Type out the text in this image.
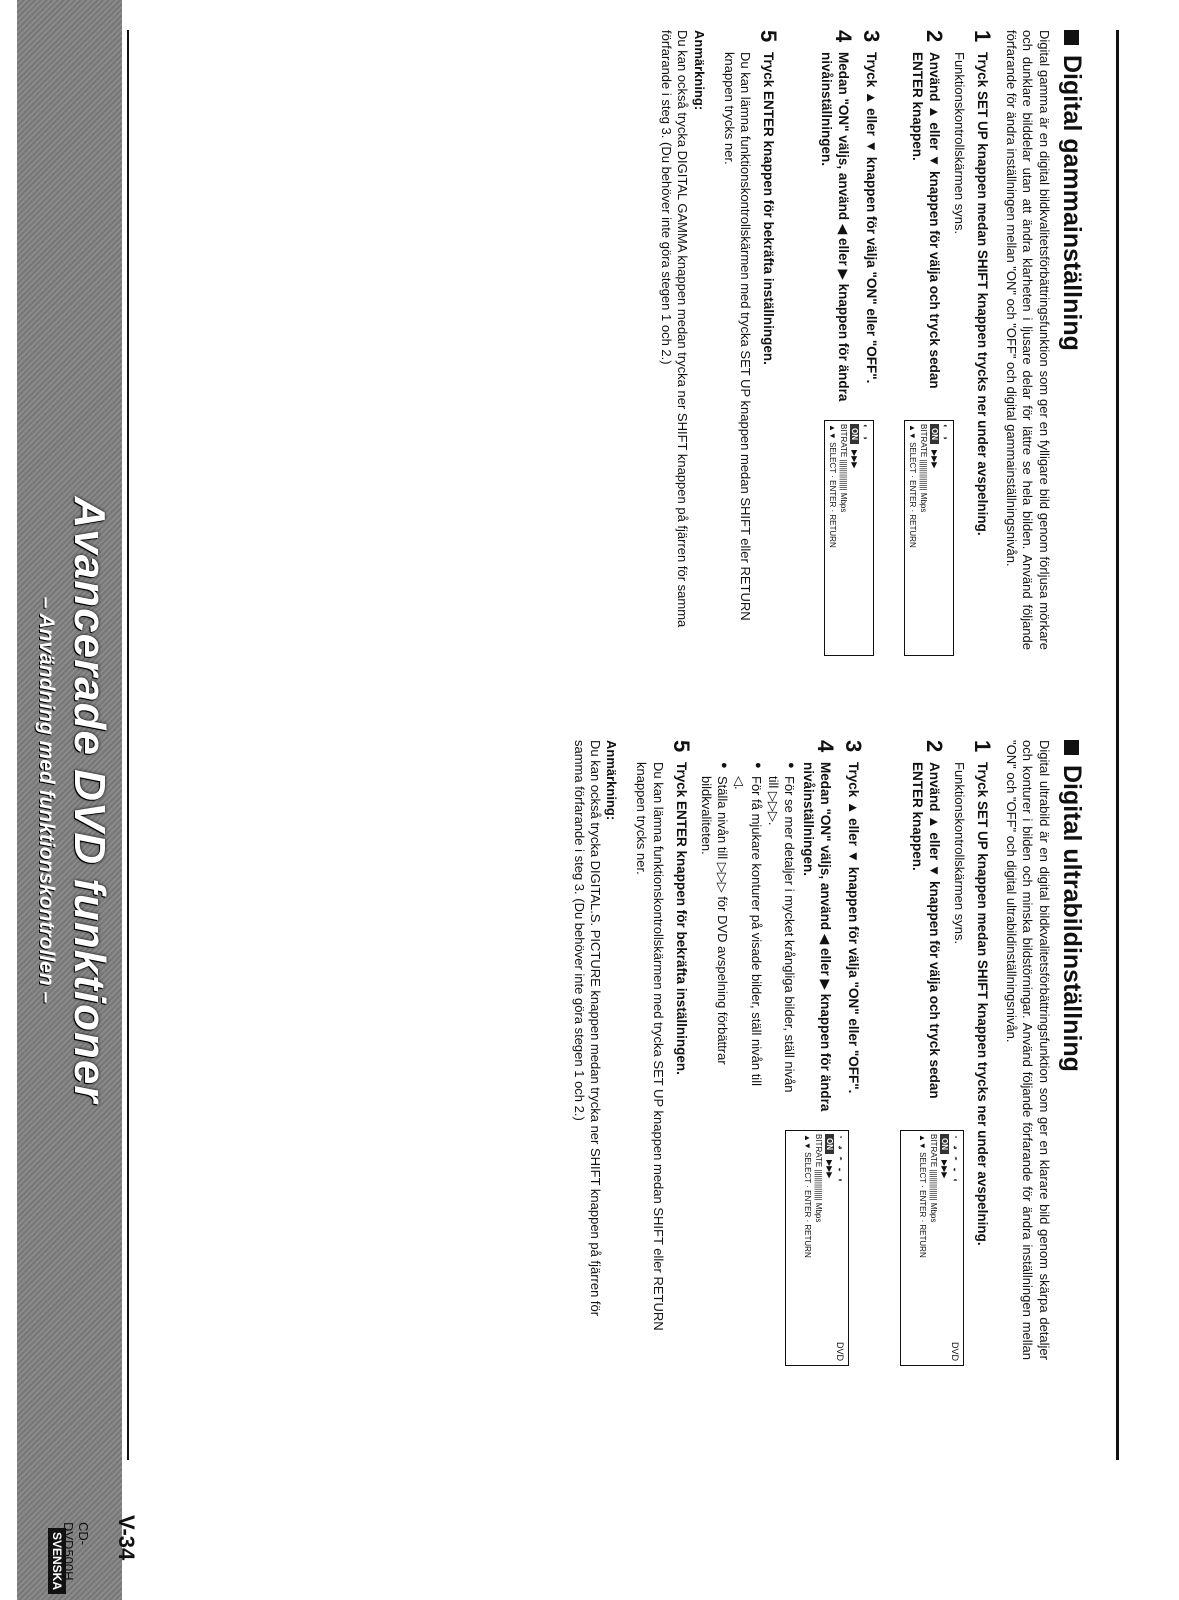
Digital gammainställning

Digital gamma är en digital bildkvalitetsförbättringsfunktion som ger en fylligare bild genom förljusa mörkare och dunklare bilddelar utan att ändra klarheten i ljusare delar för lättre se hela bilden. Använd följande förfarande för ändra inställningen mellan "ON" och "OFF" och digital gammainställningsnivån.

1
Tryck SET UP knappen medan SHIFT knappen trycks ner under avspelning.
Funktionskontrollskärmen syns.
2
Använd ▲ eller ▼ knappen för välja och tryck sedan ENTER knappen.
3
Tryck ▲ eller ▼ knappen för välja "ON" eller "OFF".
4
Medan "ON" väljs, använd ◀ eller ▶ knappen för ändra nivåinställningen.
5
Tryck ENTER knappen för bekräfta inställningen.
Du kan lämna funktionskontrollskärmen med trycka SET UP knappen medan SHIFT eller RETURN knappen trycks ner.
Anmärkning:

Du kan också trycka DIGITAL GAMMA knappen medan trycka ner SHIFT knappen på fjärren för samma förfarande i steg 3. (Du behöver inte göra stegen 1 och 2.)

◐ ◑
ON
▶▶▶
BITRATE ||||||||||||||| Mbps
▲▼ SELECT · ENTER · RETURN
◐ ◑
ON
▶▶▶
BITRATE ||||||||||||||| Mbps
▲▼ SELECT · ENTER · RETURN
Digital ultrabildinställning

Digital ultrabild är en digital bildkvalitetsförbättringsfunktion som ger en klarare bild genom skärpa detaljer och konturer i bilden och minska bildstörningar. Använd följande förfarande för ändra inställningen mellan "ON" och "OFF" och digital ultrabildinställningsnivån.

1
Tryck SET UP knappen medan SHIFT knappen trycks ner under avspelning.
Funktionskontrollskärmen syns.
2
Använd ▲ eller ▼ knappen för välja och tryck sedan ENTER knappen.
3
Tryck ▲ eller ▼ knappen för välja "ON" eller "OFF".
4
Medan "ON" väljs, använd ◀ eller ▶ knappen för ändra nivåinställningen.
● För se mer detaljer i mycket krångliga bilder, ställ nivån till ▷▷▷.
● För få mjukare konturer på visade bilder, ställ nivån till ◁.
● Ställa nivån till ▷▷▷ för DVD avspelning förbättrar bildkvaliteten.
5
Tryck ENTER knappen för bekräfta inställningen.
Du kan lämna funktionskontrollskärmen med trycka SET UP knappen medan SHIFT eller RETURN knappen trycks ner.
Anmärkning:

Du kan också trycka DIGITAL.S. PICTURE knappen medan trycka ner SHIFT knappen på fjärren för samma förfarande i steg 3. (Du behöver inte göra stegen 1 och 2.)

DVD
◔ ◕ ◓ ◒ ◐
ON
▶▶▶
BITRATE ||||||||||||||| Mbps
▲▼ SELECT · ENTER · RETURN
DVD
◔ ◕ ◓ ◒ ◐
ON
▶▶▶
BITRATE ||||||||||||||| Mbps
▲▼ SELECT · ENTER · RETURN
Avancerade DVD funktioner
– Användning med funktionskontrollen –
SVENSKA CD-DVD500H	V-34
